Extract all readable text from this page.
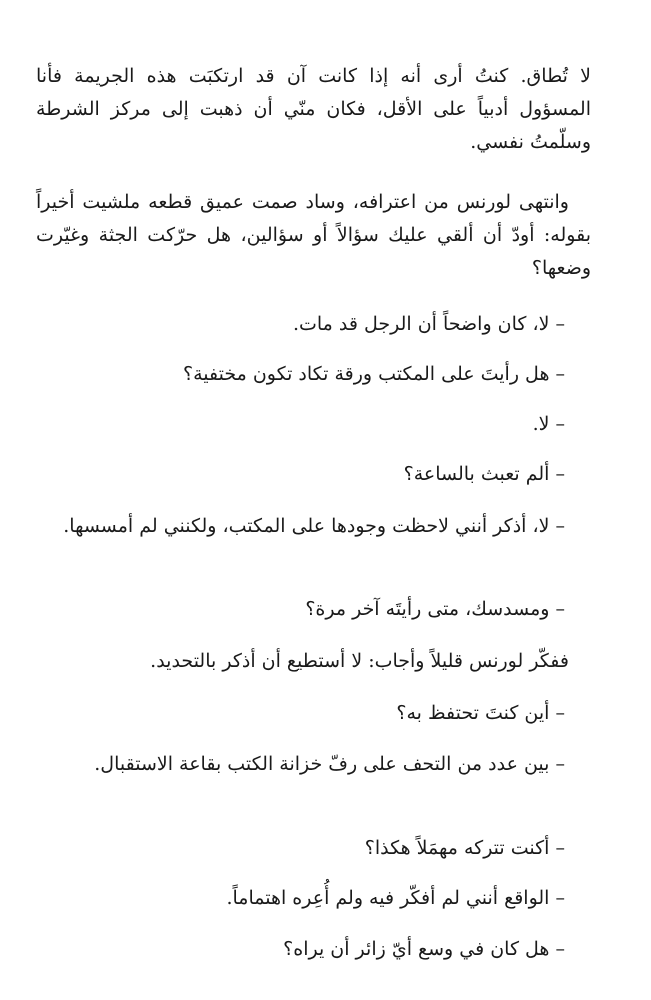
لا تُطاق. كنتُ أرى أنه إذا كانت آن قد ارتكبَت هذه الجريمة فأنا المسؤول أدبياً على الأقل، فكان منّي أن ذهبت إلى مركز الشرطة وسلّمتُ نفسي.

وانتهى لورنس من اعترافه، وساد صمت عميق قطعه ملشيت أخيراً بقوله: أودّ أن ألقي عليك سؤالاً أو سؤالين، هل حرّكت الجثة وغيّرت وضعها؟

– لا، كان واضحاً أن الرجل قد مات.

– هل رأيتَ على المكتب ورقة تكاد تكون مختفية؟

– لا.

– ألم تعبث بالساعة؟

– لا، أذكر أنني لاحظت وجودها على المكتب، ولكنني لم أمسسها.

– ومسدسك، متى رأيتَه آخر مرة؟

ففكّر لورنس قليلاً وأجاب: لا أستطيع أن أذكر بالتحديد.

– أين كنتَ تحتفظ به؟

– بين عدد من التحف على رفّ خزانة الكتب بقاعة الاستقبال.

– أكنت تتركه مهمَلاً هكذا؟

– الواقع أنني لم أفكّر فيه ولم أُعِره اهتماماً.

– هل كان في وسع أيّ زائر أن يراه؟
